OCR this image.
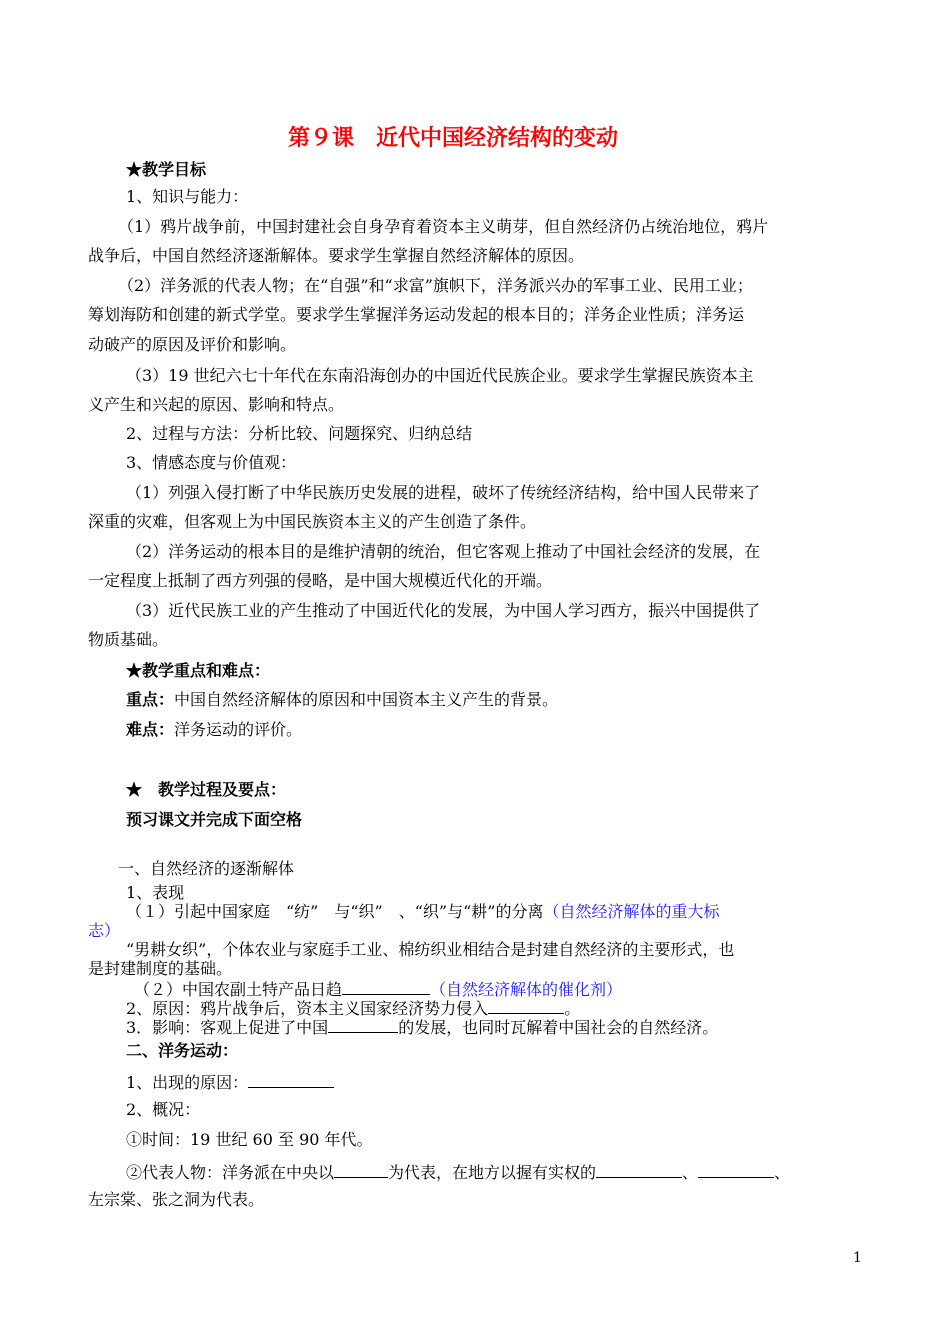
第９课　近代中国经济结构的变动
★教学目标
1、知识与能力：
（1）鸦片战争前，中国封建社会自身孕育着资本主义萌芽，但自然经济仍占统治地位，鸦片
战争后，中国自然经济逐渐解体。要求学生掌握自然经济解体的原因。
（2）洋务派的代表人物；在“自强”和“求富”旗帜下，洋务派兴办的军事工业、民用工业；
筹划海防和创建的新式学堂。要求学生掌握洋务运动发起的根本目的；洋务企业性质；洋务运
动破产的原因及评价和影响。
（3）19 世纪六七十年代在东南沿海创办的中国近代民族企业。要求学生掌握民族资本主
义产生和兴起的原因、影响和特点。
2、过程与方法：分析比较、问题探究、归纳总结
3、情感态度与价值观：
（1）列强入侵打断了中华民族历史发展的进程，破坏了传统经济结构，给中国人民带来了
深重的灾难，但客观上为中国民族资本主义的产生创造了条件。
（2）洋务运动的根本目的是维护清朝的统治，但它客观上推动了中国社会经济的发展，在
一定程度上抵制了西方列强的侵略，是中国大规模近代化的开端。
（3）近代民族工业的产生推动了中国近代化的发展，为中国人学习西方，振兴中国提供了
物质基础。
★教学重点和难点：
重点：中国自然经济解体的原因和中国资本主义产生的背景。
难点：洋务运动的评价。
★　教学过程及要点：
预习课文并完成下面空格
一、自然经济的逐渐解体
1、表现
（１）引起中国家庭　“纺”　与“织”　、“织”与“耕”的分离（自然经济解体的重大标
志）
“男耕女织”，个体农业与家庭手工业、棉纺织业相结合是封建自然经济的主要形式，也
是封建制度的基础。
（２）中国农副土特产品日趋	（自然经济解体的催化剂）
2、原因：鸦片战争后，资本主义国家经济势力侵入	。
3．影响：客观上促进了中国	的发展，也同时瓦解着中国社会的自然经济。
二、洋务运动：
1、出现的原因：
2、概况：
①时间：19 世纪 60 至 90 年代。
②代表人物：洋务派在中央以	为代表，在地方以握有实权的	、	、
左宗棠、张之洞为代表。
1
